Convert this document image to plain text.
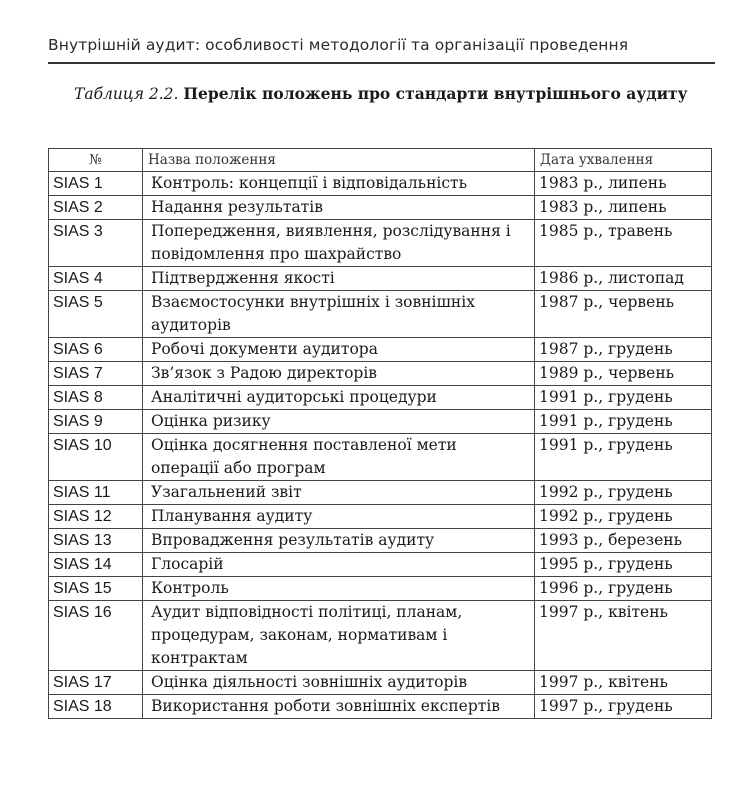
Внутрішній аудит: особливості методології та організації проведення
Таблиця 2.2. Перелік положень про стандарти внутрішнього аудиту
№	Назва положення	Дата ухвалення
SIAS 1	Контроль: концепції і відповідальність	1983 р., липень
SIAS 2	Надання результатів	1983 р., липень
SIAS 3	Попередження, виявлення, розслідування і повідомлення про шахрайство	1985 р., травень
SIAS 4	Підтвердження якості	1986 р., листопад
SIAS 5	Взаємостосунки внутрішніх і зовнішніх аудиторів	1987 р., червень
SIAS 6	Робочі документи аудитора	1987 р., грудень
SIAS 7	Зв’язок з Радою директорів	1989 р., червень
SIAS 8	Аналітичні аудиторські процедури	1991 р., грудень
SIAS 9	Оцінка ризику	1991 р., грудень
SIAS 10	Оцінка досягнення поставленої мети операції або програм	1991 р., грудень
SIAS 11	Узагальнений звіт	1992 р., грудень
SIAS 12	Планування аудиту	1992 р., грудень
SIAS 13	Впровадження результатів аудиту	1993 р., березень
SIAS 14	Глосарій	1995 р., грудень
SIAS 15	Контроль	1996 р., грудень
SIAS 16	Аудит відповідності політиці, планам, процедурам, законам, нормативам і контрактам	1997 р., квітень
SIAS 17	Оцінка діяльності зовнішніх аудиторів	1997 р., квітень
SIAS 18	Використання роботи зовнішніх експертів	1997 р., грудень
